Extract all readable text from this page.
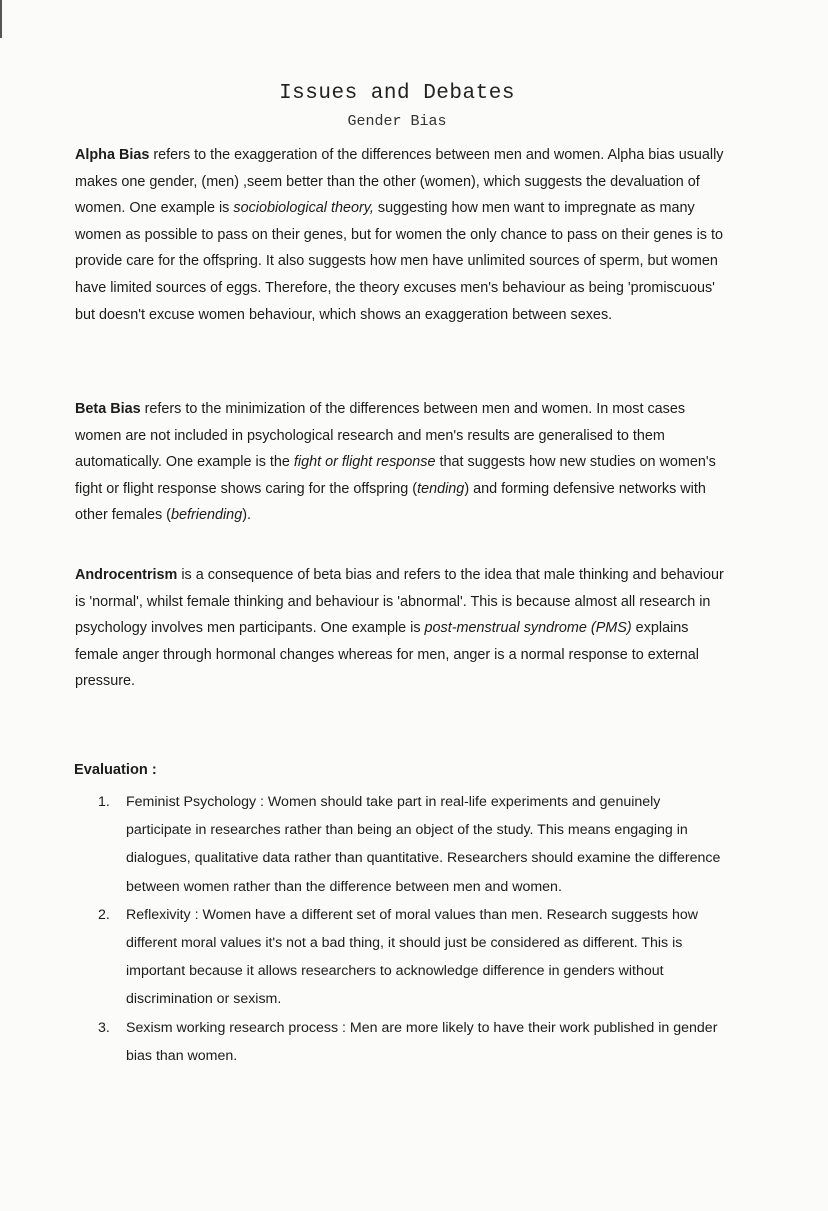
Issues and Debates
Gender Bias

Alpha Bias refers to the exaggeration of the differences between men and women. Alpha bias usually makes one gender, (men) ,seem better than the other (women), which suggests the devaluation of women. One example is sociobiological theory, suggesting how men want to impregnate as many women as possible to pass on their genes, but for women the only chance to pass on their genes is to provide care for the offspring. It also suggests how men have unlimited sources of sperm, but women have limited sources of eggs. Therefore, the theory excuses men's behaviour as being 'promiscuous' but doesn't excuse women behaviour, which shows an exaggeration between sexes.

Beta Bias refers to the minimization of the differences between men and women. In most cases women are not included in psychological research and men's results are generalised to them automatically. One example is the fight or flight response that suggests how new studies on women's fight or flight response shows caring for the offspring (tending) and forming defensive networks with other females (befriending).

Androcentrism is a consequence of beta bias and refers to the idea that male thinking and behaviour is 'normal', whilst female thinking and behaviour is 'abnormal'. This is because almost all research in psychology involves men participants. One example is post-menstrual syndrome (PMS) explains female anger through hormonal changes whereas for men, anger is a normal response to external pressure.

Evaluation :
1.	Feminist Psychology : Women should take part in real-life experiments and genuinely participate in researches rather than being an object of the study. This means engaging in dialogues, qualitative data rather than quantitative. Researchers should examine the difference between women rather than the difference between men and women.
2.	Reflexivity : Women have a different set of moral values than men. Research suggests how different moral values it's not a bad thing, it should just be considered as different. This is important because it allows researchers to acknowledge difference in genders without discrimination or sexism.
3.	Sexism working research process : Men are more likely to have their work published in gender bias than women.
